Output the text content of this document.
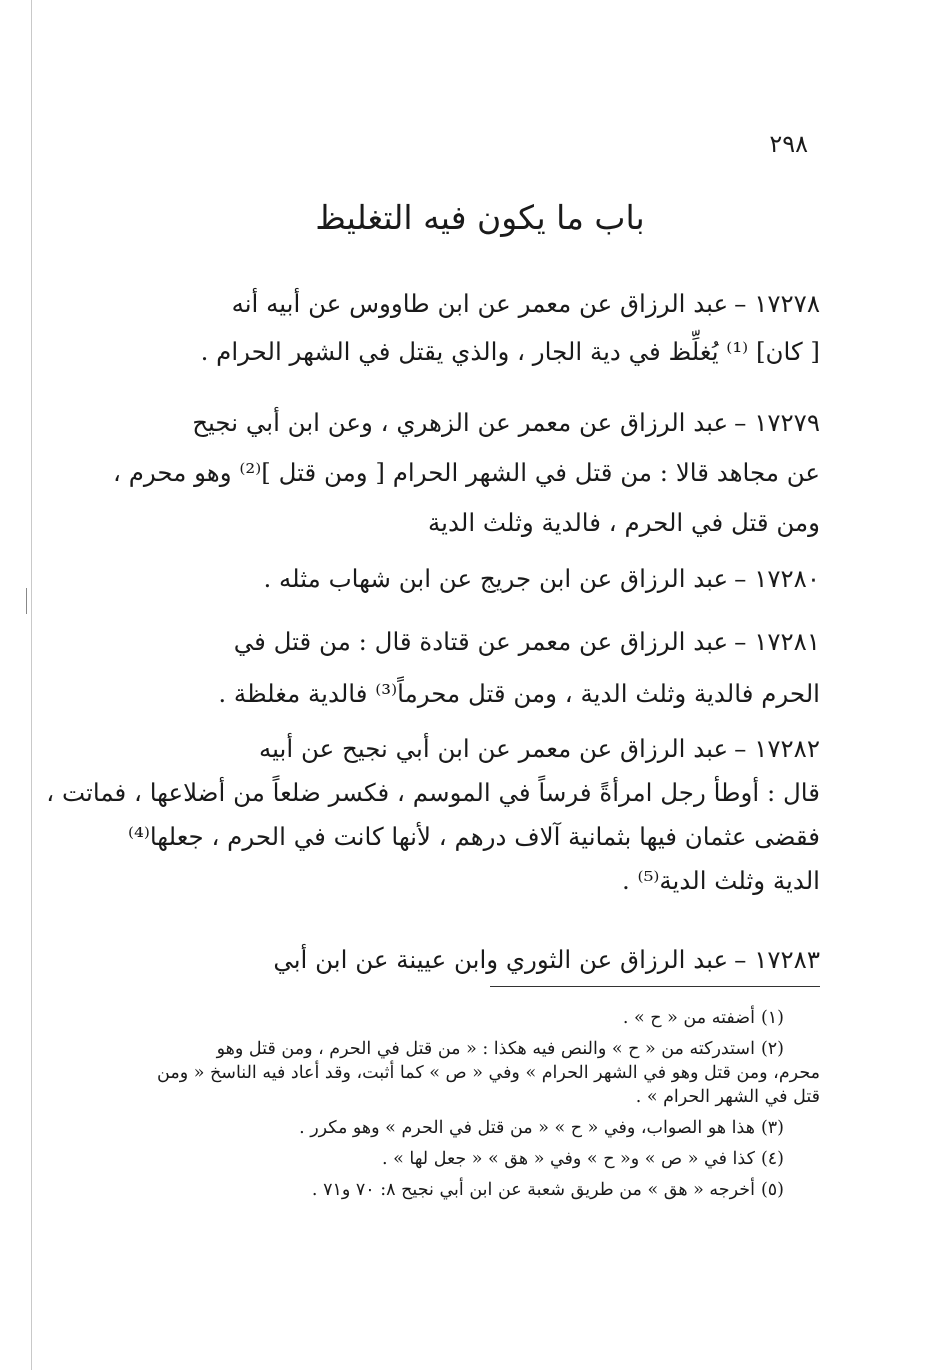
٢٩٨
باب ما يكون فيه التغليظ

١٧٢٧٨ –عبد الرزاق عن معمر عن ابن طاووس عن أبيه أنه
[ كان] ⁽¹⁾ يُغلِّظ في دية الجار ، والذي يقتل في الشهر الحرام .

١٧٢٧٩ –عبد الرزاق عن معمر عن الزهري ، وعن ابن أبي نجيح
عن مجاهد قالا : من قتل في الشهر الحرام [ ومن قتل ]⁽²⁾ وهو محرم ،
ومن قتل في الحرم ، فالدية وثلث الدية

١٧٢٨٠ –عبد الرزاق عن ابن جريج عن ابن شهاب مثله .

١٧٢٨١ –عبد الرزاق عن معمر عن قتادة قال : من قتل في
الحرم فالدية وثلث الدية ، ومن قتل محرماً⁽³⁾ فالدية مغلظة .

١٧٢٨٢ –عبد الرزاق عن معمر عن ابن أبي نجيح عن أبيه
قال : أوطأ رجل امرأةً فرساً في الموسم ، فكسر ضلعاً من أضلاعها ، فماتت ،
فقضى عثمان فيها بثمانية آلاف درهم ، لأنها كانت في الحرم ، جعلها⁽⁴⁾
الدية وثلث الدية⁽⁵⁾ .

١٧٢٨٣ –عبد الرزاق عن الثوري وابن عيينة عن ابن أبي

(١)أضفته من « ح » .
(٢)استدركته من « ح » والنص فيه هكذا : « من قتل في الحرم ، ومن قتل وهو
محرم، ومن قتل وهو في الشهر الحرام » وفي « ص » كما أثبت، وقد أعاد فيه الناسخ « ومن
قتل في الشهر الحرام » .
(٣)هذا هو الصواب، وفي « ح » « من قتل في الحرم » وهو مكرر .
(٤)كذا في « ص » و« ح » وفي « هق » « جعل لها » .
(٥)أخرجه « هق » من طريق شعبة عن ابن أبي نجيح ٨: ٧٠ و٧١ .
